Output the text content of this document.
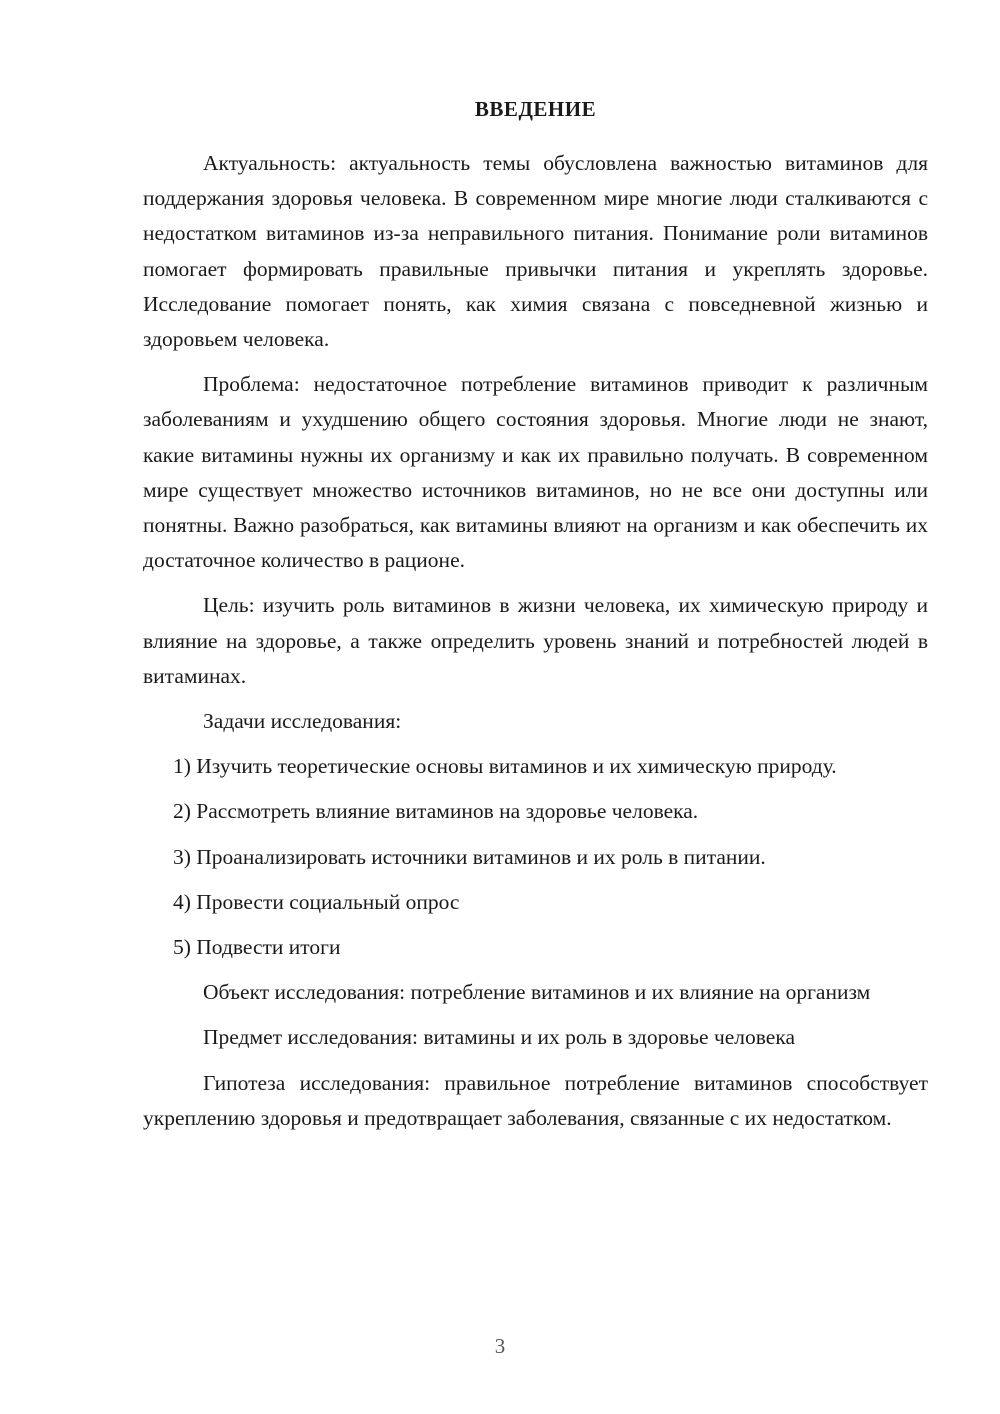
ВВЕДЕНИЕ

Актуальность: актуальность темы обусловлена важностью витаминов для поддержания здоровья человека. В современном мире многие люди сталкиваются с недостатком витаминов из-за неправильного питания. Понимание роли витаминов помогает формировать правильные привычки питания и укреплять здоровье. Исследование помогает понять, как химия связана с повседневной жизнью и здоровьем человека.

Проблема: недостаточное потребление витаминов приводит к различным заболеваниям и ухудшению общего состояния здоровья. Многие люди не знают, какие витамины нужны их организму и как их правильно получать. В современном мире существует множество источников витаминов, но не все они доступны или понятны. Важно разобраться, как витамины влияют на организм и как обеспечить их достаточное количество в рационе.

Цель: изучить роль витаминов в жизни человека, их химическую природу и влияние на здоровье, а также определить уровень знаний и потребностей людей в витаминах.

Задачи исследования:

1) Изучить теоретические основы витаминов и их химическую природу.

2) Рассмотреть влияние витаминов на здоровье человека.

3) Проанализировать источники витаминов и их роль в питании.

4) Провести социальный опрос

5) Подвести итоги

Объект исследования: потребление витаминов и их влияние на организм

Предмет исследования: витамины и их роль в здоровье человека

Гипотеза исследования: правильное потребление витаминов способствует укреплению здоровья и предотвращает заболевания, связанные с их недостатком.

3
